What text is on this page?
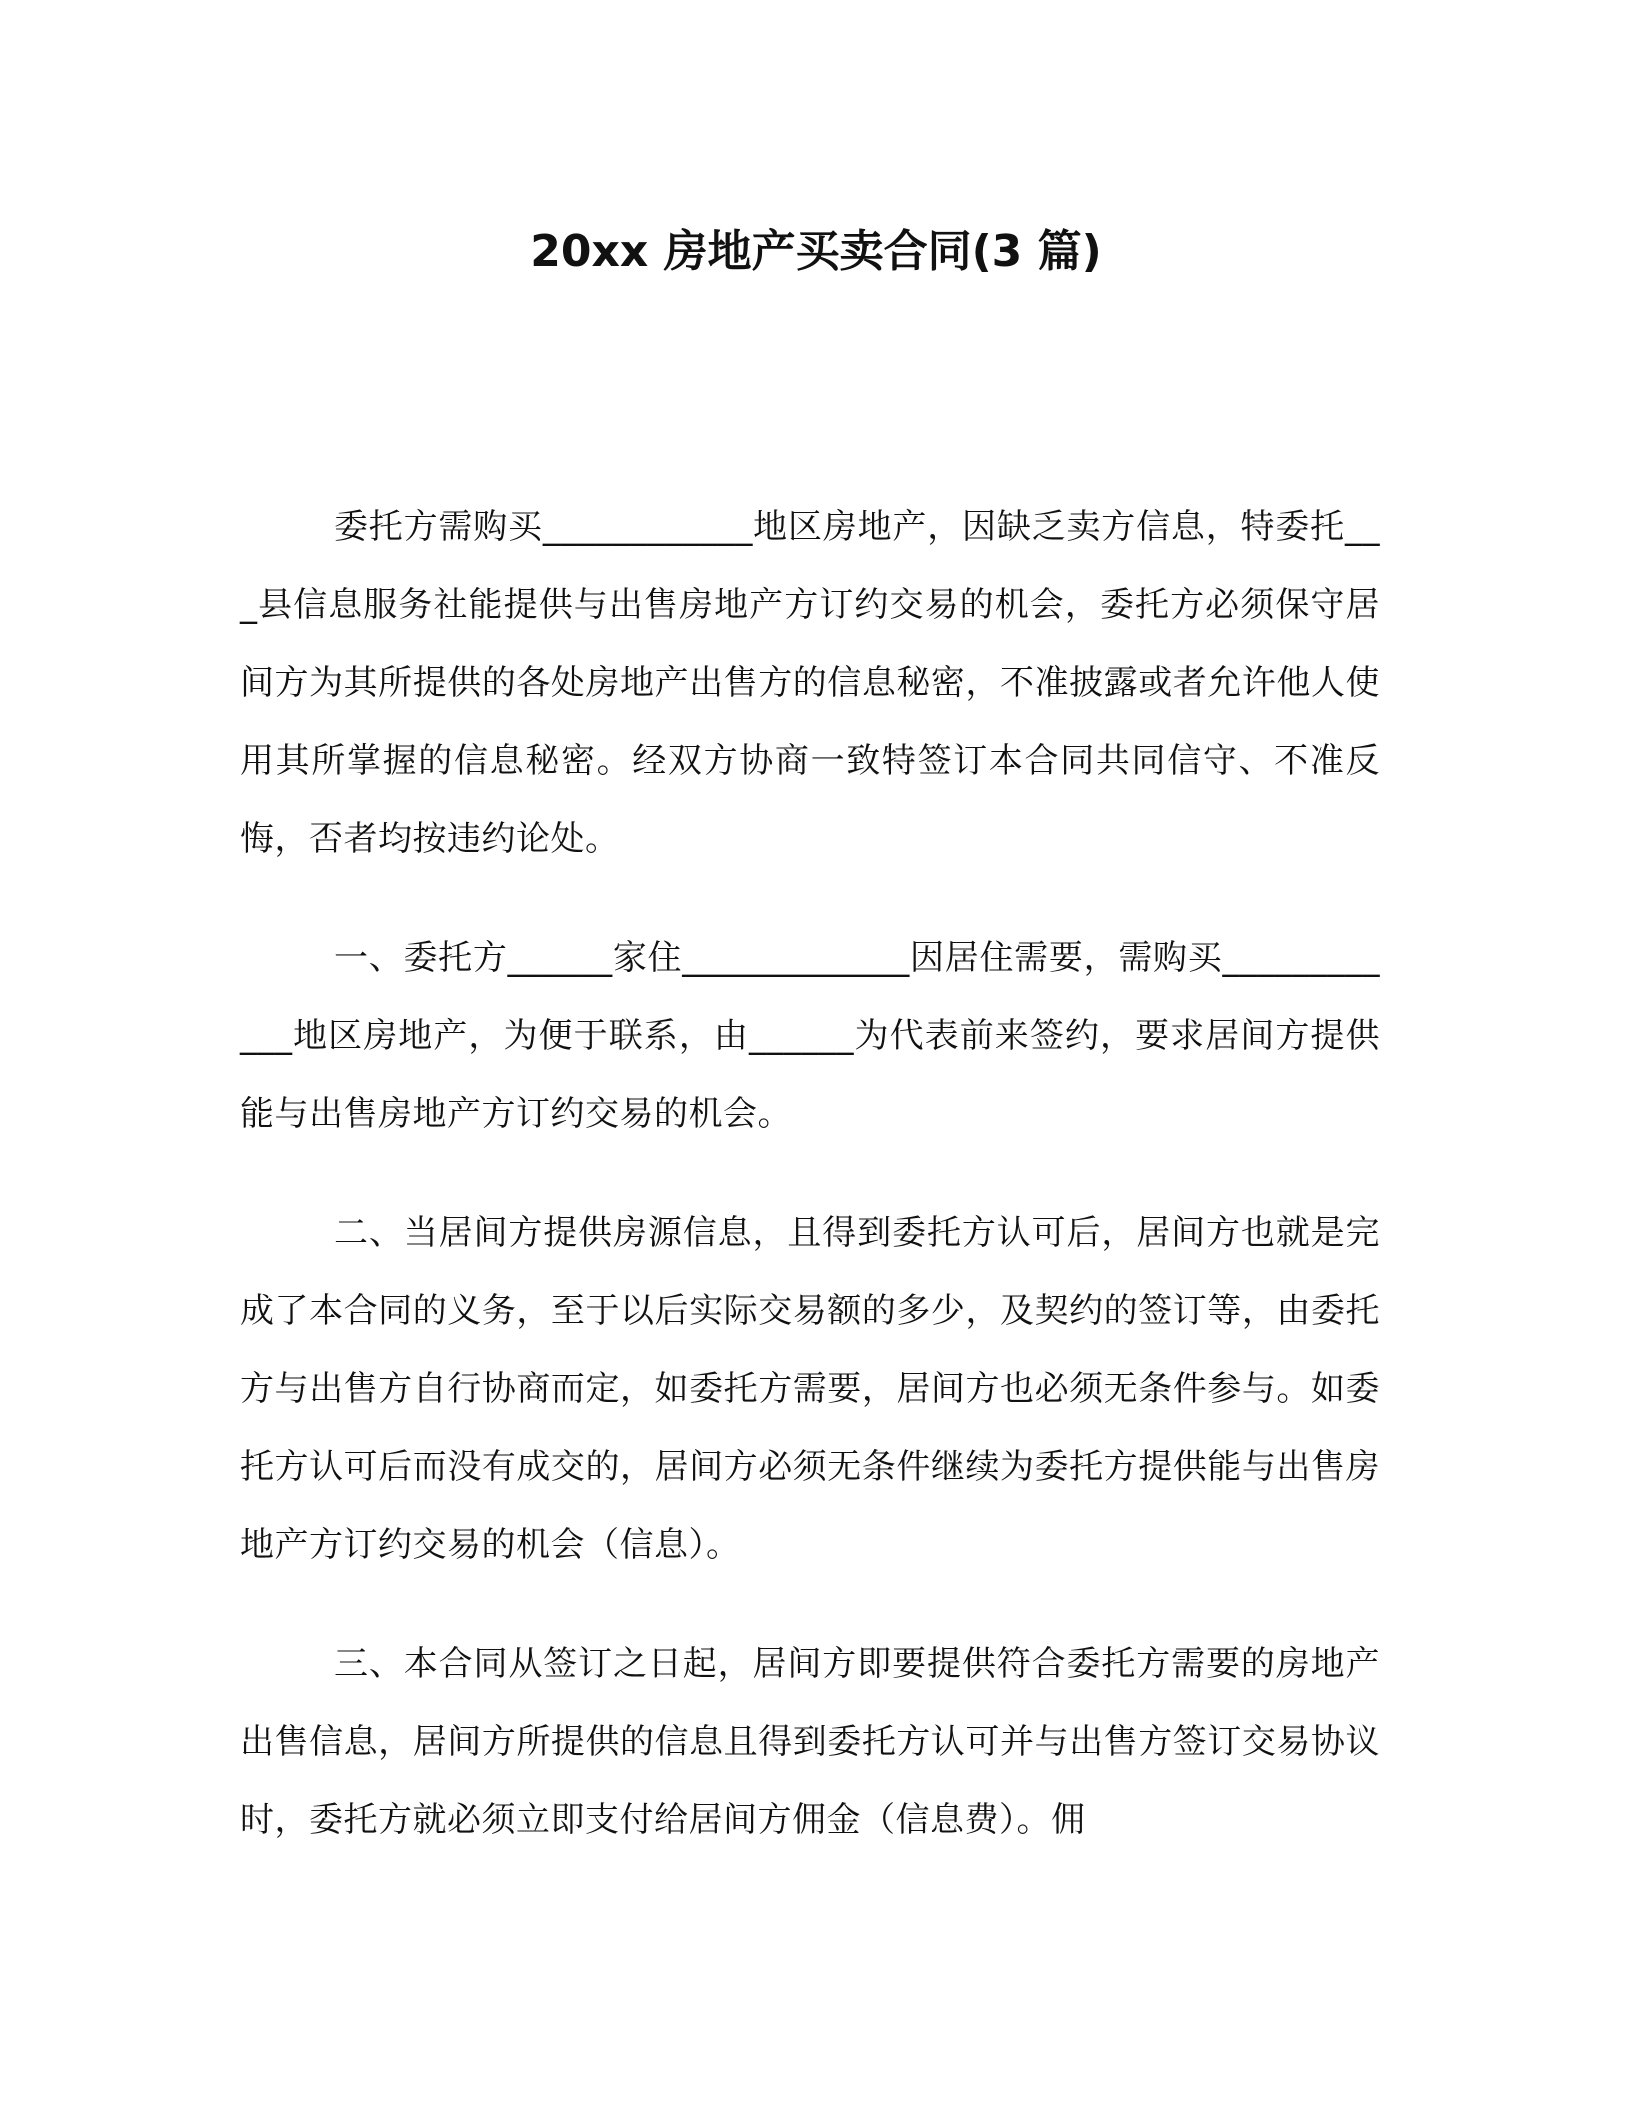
20xx 房地产买卖合同(3 篇)

委托方需购买____________地区房地产，因缺乏卖方信息，特委托___县信息服务社能提供与出售房地产方订约交易的机会，委托方必须保守居间方为其所提供的各处房地产出售方的信息秘密，不准披露或者允许他人使用其所掌握的信息秘密。经双方协商一致特签订本合同共同信守、不准反悔，否者均按违约论处。

一、委托方______家住_____________因居住需要，需购买____________地区房地产，为便于联系，由______为代表前来签约，要求居间方提供能与出售房地产方订约交易的机会。

二、当居间方提供房源信息，且得到委托方认可后，居间方也就是完成了本合同的义务，至于以后实际交易额的多少，及契约的签订等，由委托方与出售方自行协商而定，如委托方需要，居间方也必须无条件参与。如委托方认可后而没有成交的，居间方必须无条件继续为委托方提供能与出售房地产方订约交易的机会（信息）。

三、本合同从签订之日起，居间方即要提供符合委托方需要的房地产出售信息，居间方所提供的信息且得到委托方认可并与出售方签订交易协议时，委托方就必须立即支付给居间方佣金（信息费）。佣
